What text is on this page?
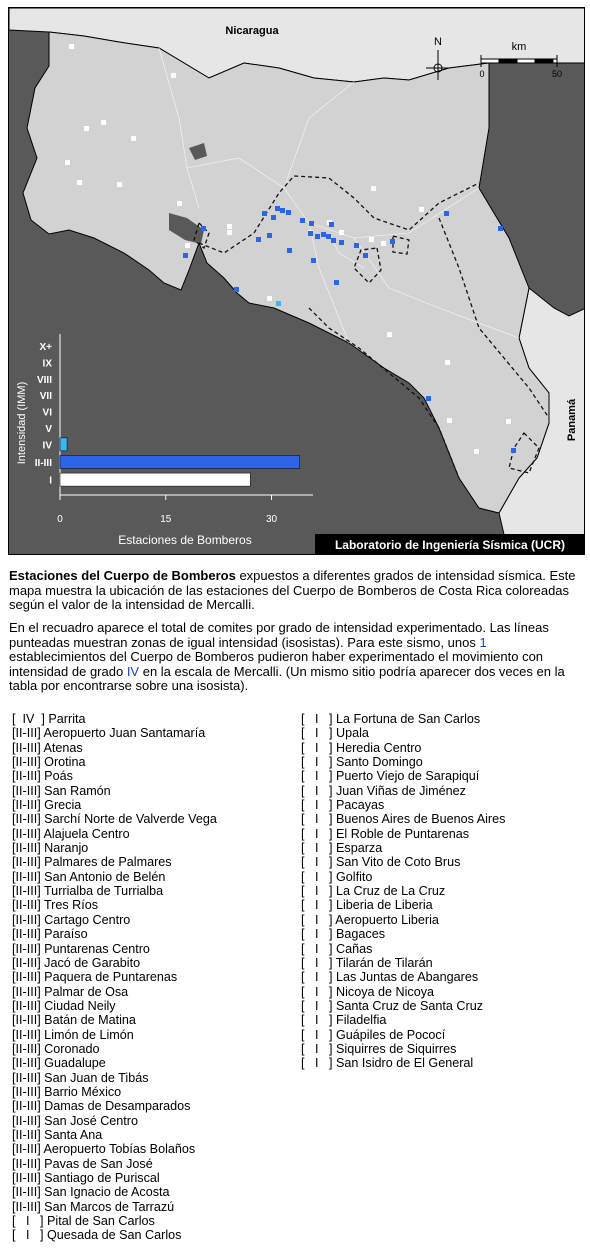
N	km
0	50
Nicaragua
Panamá
Intensidad (IMM)
X+
IX
VIII
VII
VI
V
IV
II-III
I
0	15	30
Estaciones de Bomberos	Laboratorio de Ingeniería Sísmica (UCR)
Estaciones del Cuerpo de Bomberos expuestos a diferentes grados de intensidad sísmica. Este mapa muestra la ubicación de las estaciones del Cuerpo de Bomberos de Costa Rica coloreadas según el valor de la intensidad de Mercalli.
En el recuadro aparece el total de comites por grado de intensidad experimentado. Las líneas punteadas muestran zonas de igual intensidad (isosistas). Para este sismo, unos 1 establecimientos del Cuerpo de Bomberos pudieron haber experimentado el movimiento con intensidad de grado IV en la escala de Mercalli. (Un mismo sitio podría aparecer dos veces en la tabla por encontrarse sobre una isosista).
[  IV  ] Parrita
[II-III] Aeropuerto Juan Santamaría
[II-III] Atenas
[II-III] Orotina
[II-III] Poás
[II-III] San Ramón
[II-III] Grecia
[II-III] Sarchí Norte de Valverde Vega
[II-III] Alajuela Centro
[II-III] Naranjo
[II-III] Palmares de Palmares
[II-III] San Antonio de Belén
[II-III] Turrialba de Turrialba
[II-III] Tres Ríos
[II-III] Cartago Centro
[II-III] Paraíso
[II-III] Puntarenas Centro
[II-III] Jacó de Garabito
[II-III] Paquera de Puntarenas
[II-III] Palmar de Osa
[II-III] Ciudad Neily
[II-III] Batán de Matina
[II-III] Limón de Limón
[II-III] Coronado
[II-III] Guadalupe
[II-III] San Juan de Tibás
[II-III] Barrio México
[II-III] Damas de Desamparados
[II-III] San José Centro
[II-III] Santa Ana
[II-III] Aeropuerto Tobías Bolaños
[II-III] Pavas de San José
[II-III] Santiago de Puriscal
[II-III] San Ignacio de Acosta
[II-III] San Marcos de Tarrazú
[   I   ] Pital de San Carlos
[   I   ] Quesada de San Carlos
[   I   ] La Fortuna de San Carlos
[   I   ] Upala
[   I   ] Heredia Centro
[   I   ] Santo Domingo
[   I   ] Puerto Viejo de Sarapiquí
[   I   ] Juan Viñas de Jiménez
[   I   ] Pacayas
[   I   ] Buenos Aires de Buenos Aires
[   I   ] El Roble de Puntarenas
[   I   ] Esparza
[   I   ] San Vito de Coto Brus
[   I   ] Golfito
[   I   ] La Cruz de La Cruz
[   I   ] Liberia de Liberia
[   I   ] Aeropuerto Liberia
[   I   ] Bagaces
[   I   ] Cañas
[   I   ] Tilarán de Tilarán
[   I   ] Las Juntas de Abangares
[   I   ] Nicoya de Nicoya
[   I   ] Santa Cruz de Santa Cruz
[   I   ] Filadelfia
[   I   ] Guápiles de Pococí
[   I   ] Siquirres de Siquirres
[   I   ] San Isidro de El General
